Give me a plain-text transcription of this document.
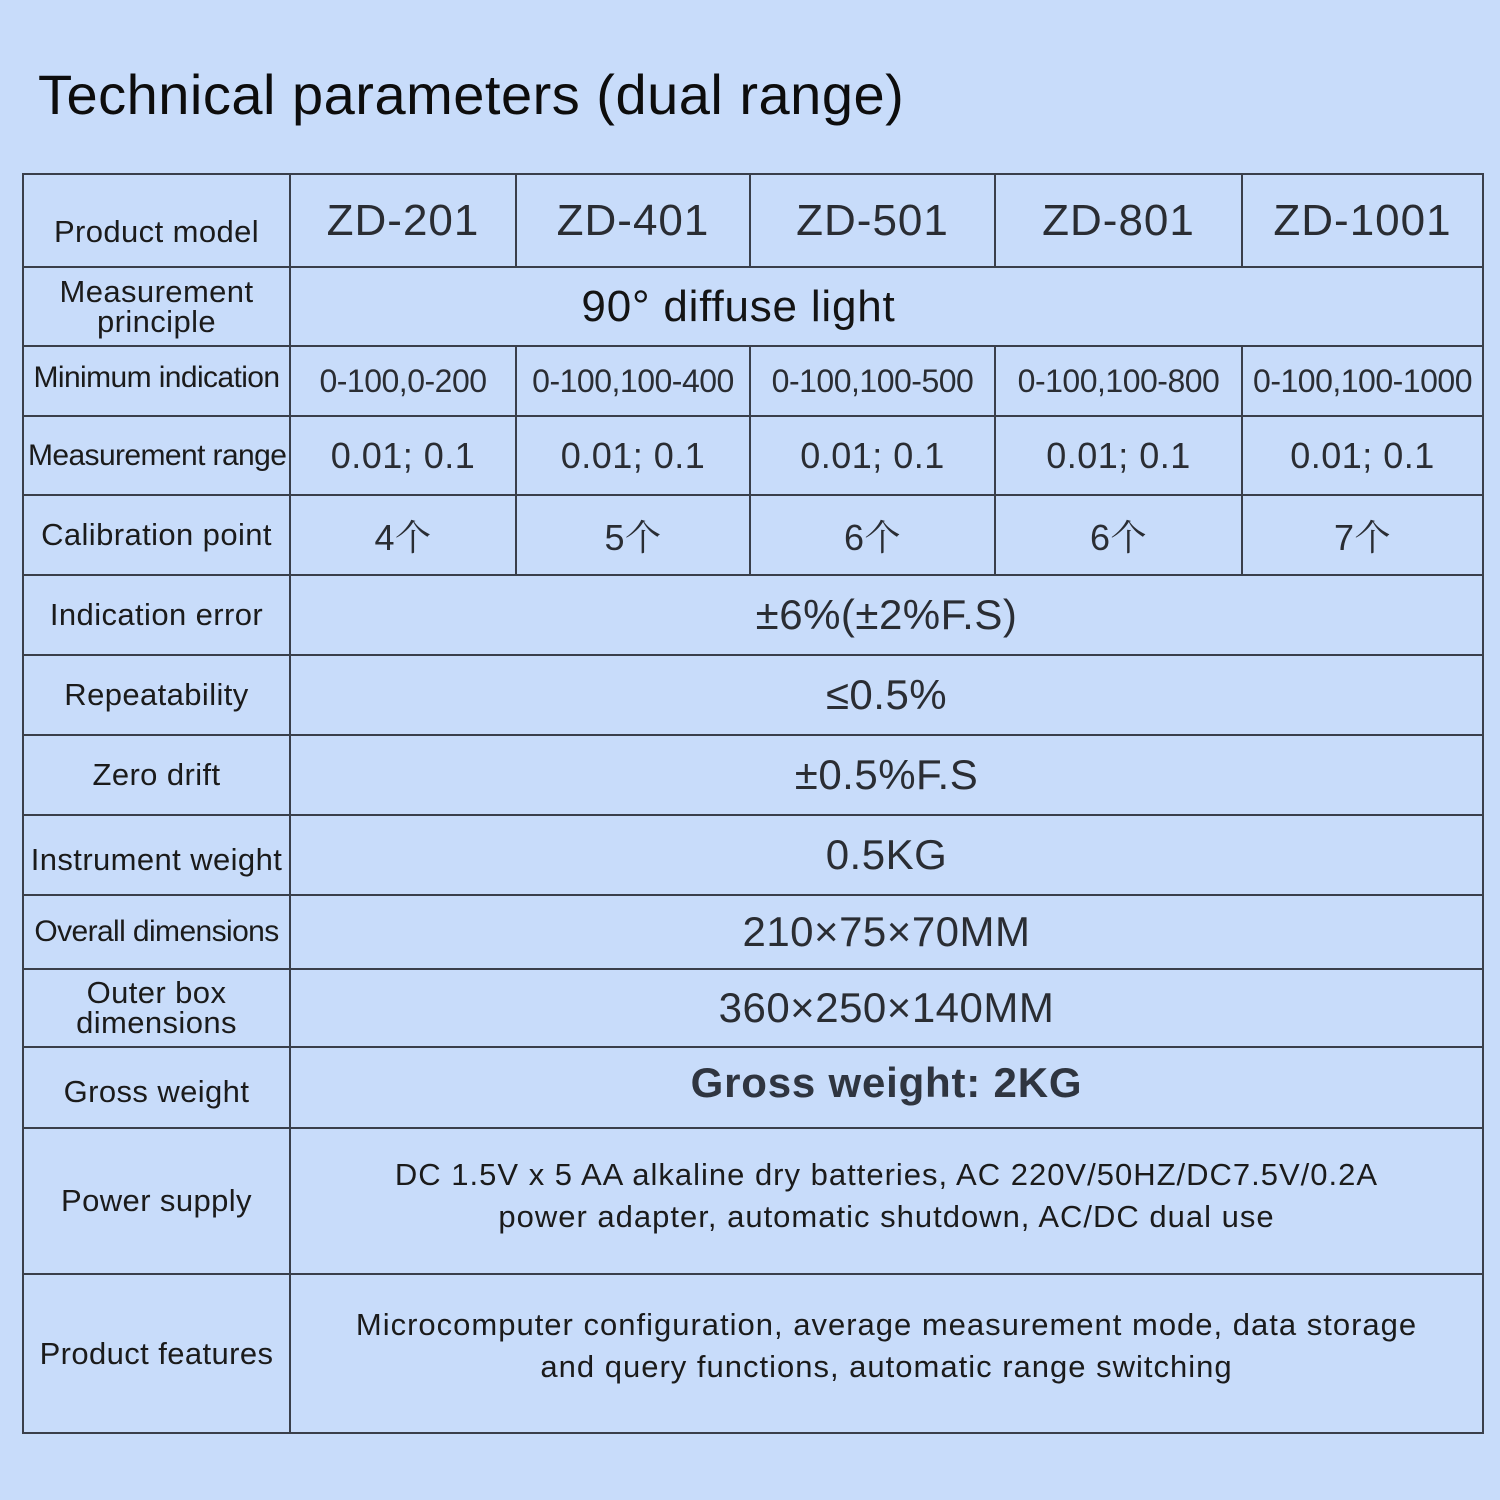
Technical parameters (dual range)
Product model	ZD-201	ZD-401	ZD-501	ZD-801	ZD-1001

Measurement
principle	90° diffuse light				
Minimum indication	0-100,0-200	0-100,100-400	0-100,100-500	0-100,100-800	0-100,100-1000
Measurement range	0.01; 0.1	0.01; 0.1	0.01; 0.1	0.01; 0.1	0.01; 0.1
Calibration point	4个	5个	6个	6个	7个
Indication error	±6%(±2%F.S)				
Repeatability	≤0.5%				
Zero drift	±0.5%F.S				
Instrument weight	0.5KG				
Overall dimensions	210×75×70MM				

Outer box
dimensions	360×250×140MM				
Gross weight	Gross weight: 2KG				
Power supply	DC 1.5V x 5 AA alkaline dry batteries, AC 220V/50HZ/DC7.5V/0.2A
power adapter, automatic shutdown, AC/DC dual use				

Product features	Microcomputer configuration, average measurement mode, data storage
and query functions, automatic range switching				
